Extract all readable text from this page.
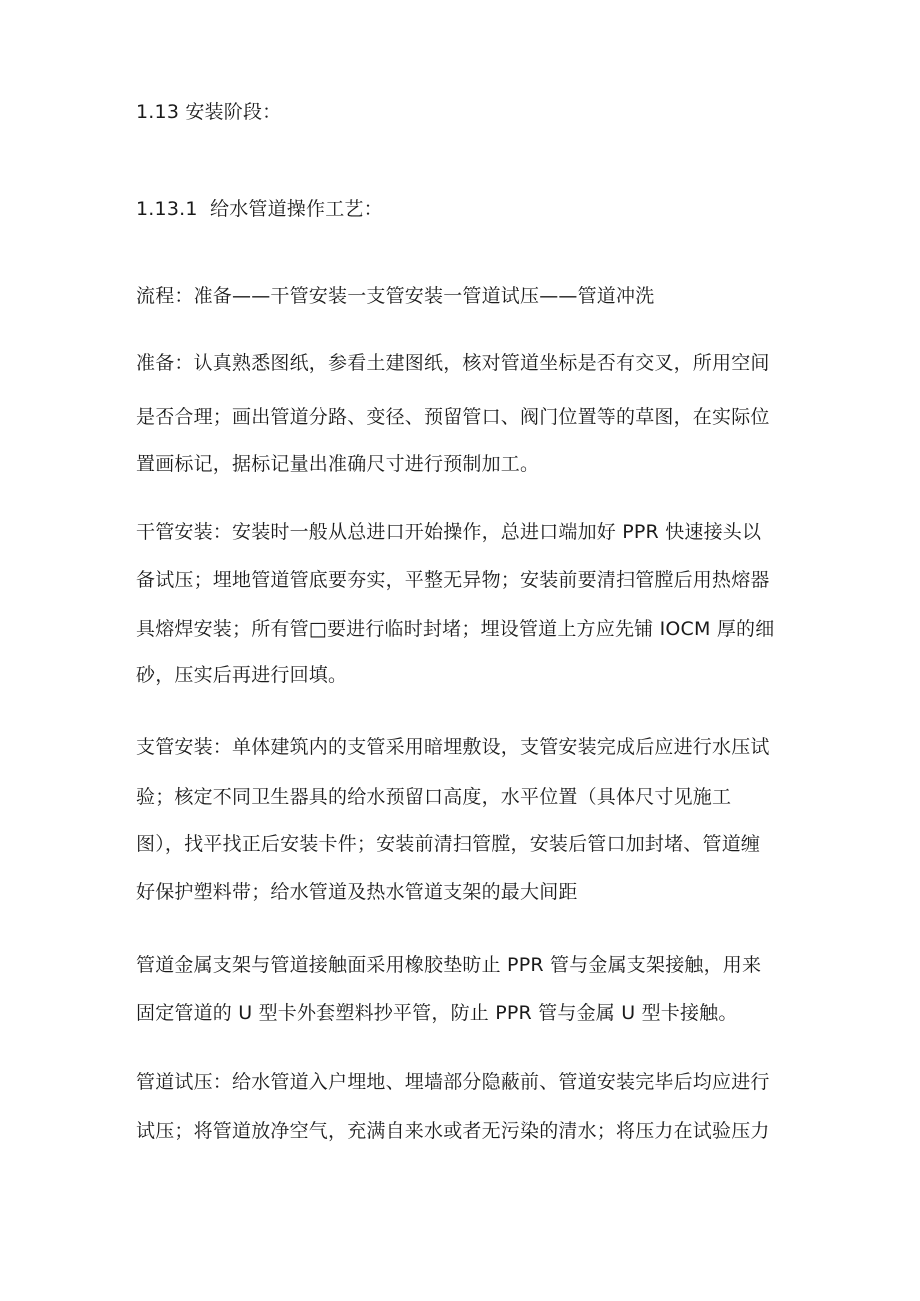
1.13 安装阶段：

1.13.1 给水管道操作工艺：

流程：准备——干管安装一支管安装一管道试压——管道冲洗

准备：认真熟悉图纸，参看土建图纸，核对管道坐标是否有交叉，所用空间

是否合理；画出管道分路、变径、预留管口、阀门位置等的草图，在实际位

置画标记，据标记量出准确尺寸进行预制加工。

干管安装：安装时一般从总进口开始操作，总进口端加好 PPR 快速接头以

备试压；埋地管道管底要夯实，平整无异物；安装前要清扫管膛后用热熔器

具熔焊安装；所有管□要进行临时封堵；埋设管道上方应先铺 IOCM 厚的细

砂，压实后再进行回填。

支管安装：单体建筑内的支管采用暗埋敷设，支管安装完成后应进行水压试

验；核定不同卫生器具的给水预留口高度，水平位置（具体尺寸见施工

图），找平找正后安装卡件；安装前清扫管膛，安装后管口加封堵、管道缠

好保护塑料带；给水管道及热水管道支架的最大间距

管道金属支架与管道接触面采用橡胶垫昉止 PPR 管与金属支架接触，用来

固定管道的 U 型卡外套塑料抄平管，防止 PPR 管与金属 U 型卡接触。

管道试压：给水管道入户埋地、埋墙部分隐蔽前、管道安装完毕后均应进行

试压；将管道放净空气，充满自来水或者无污染的清水；将压力在试验压力
